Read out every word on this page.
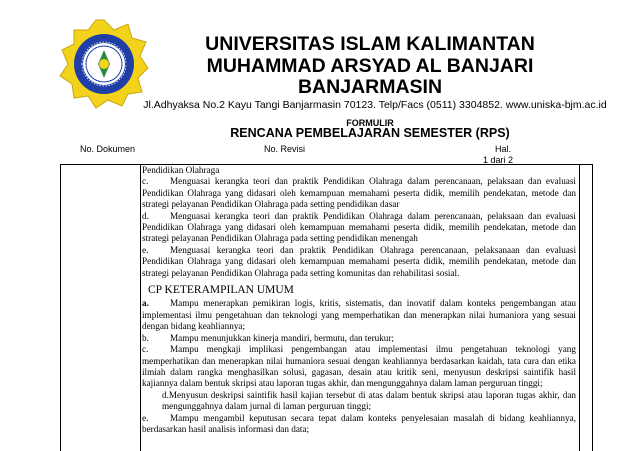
UNIVERSITAS ISLAM KALIMANTAN
MUHAMMAD ARSYAD AL BANJARI
BANJARMASIN
Jl.Adhyaksa No.2 Kayu Tangi Banjarmasin 70123. Telp/Facs (0511) 3304852. www.uniska-bjm.ac.id
FORMULIR
RENCANA PEMBELAJARAN SEMESTER (RPS)
No. Dokumen	No. Revisi	Hal.
1 dari 2

Pendidikan Olahraga

c. Menguasai kerangka teori dan praktik Pendidikan Olahraga dalam perencanaan, pelaksaan dan evaluasi Pendidikan Olahraga yang didasari oleh kemampuan memahami peserta didik, memilih pendekatan, metode dan strategi pelayanan Pendidikan Olahraga pada setting pendidikan dasar

d. Menguasai kerangka teori dan praktik Pendidikan Olahraga dalam perencanaan, pelaksaan dan evaluasi Pendidikan Olahraga yang didasari oleh kemampuan memahami peserta didik, memilih pendekatan, metode dan strategi pelayanan Pendidikan Olahraga pada setting pendidikan menengah

e. Menguasai kerangka teori dan praktik Pendidikan Olahraga perencanaan, pelaksanaan dan evaluasi Pendidikan Olahraga yang didasari oleh kemampuan memahami peserta didik, memilih pendekatan, metode dan strategi pelayanan Pendidikan Olahraga pada setting komunitas dan rehabilitasi sosial.

CP KETERAMPILAN UMUM

a. Mampu menerapkan pemikiran logis, kritis, sistematis, dan inovatif dalam konteks pengembangan atau implementasi ilmu pengetahuan dan teknologi yang memperhatikan dan menerapkan nilai humaniora yang sesuai dengan bidang keahliannya;

b. Mampu menunjukkan kinerja mandiri, bermutu, dan terukur;

c. Mampu mengkaji implikasi pengembangan atau implementasi ilmu pengetahuan teknologi yang memperhatikan dan menerapkan nilai humaniora sesuai dengan keahliannya berdasarkan kaidah, tata cara dan etika ilmiah dalam rangka menghasilkan solusi, gagasan, desain atau kritik seni, menyusun deskripsi saintifik hasil kajiannya dalam bentuk skripsi atau laporan tugas akhir, dan mengunggahnya dalam laman perguruan tinggi;

d.Menyusun deskripsi saintifik hasil kajian tersebut di atas dalam bentuk skripsi atau laporan tugas akhir, dan mengunggahnya dalam jurnal di laman perguruan tinggi;

e. Mampu mengambil keputusan secara tepat dalam konteks penyelesaian masalah di bidang keahliannya, berdasarkan hasil analisis informasi dan data;
